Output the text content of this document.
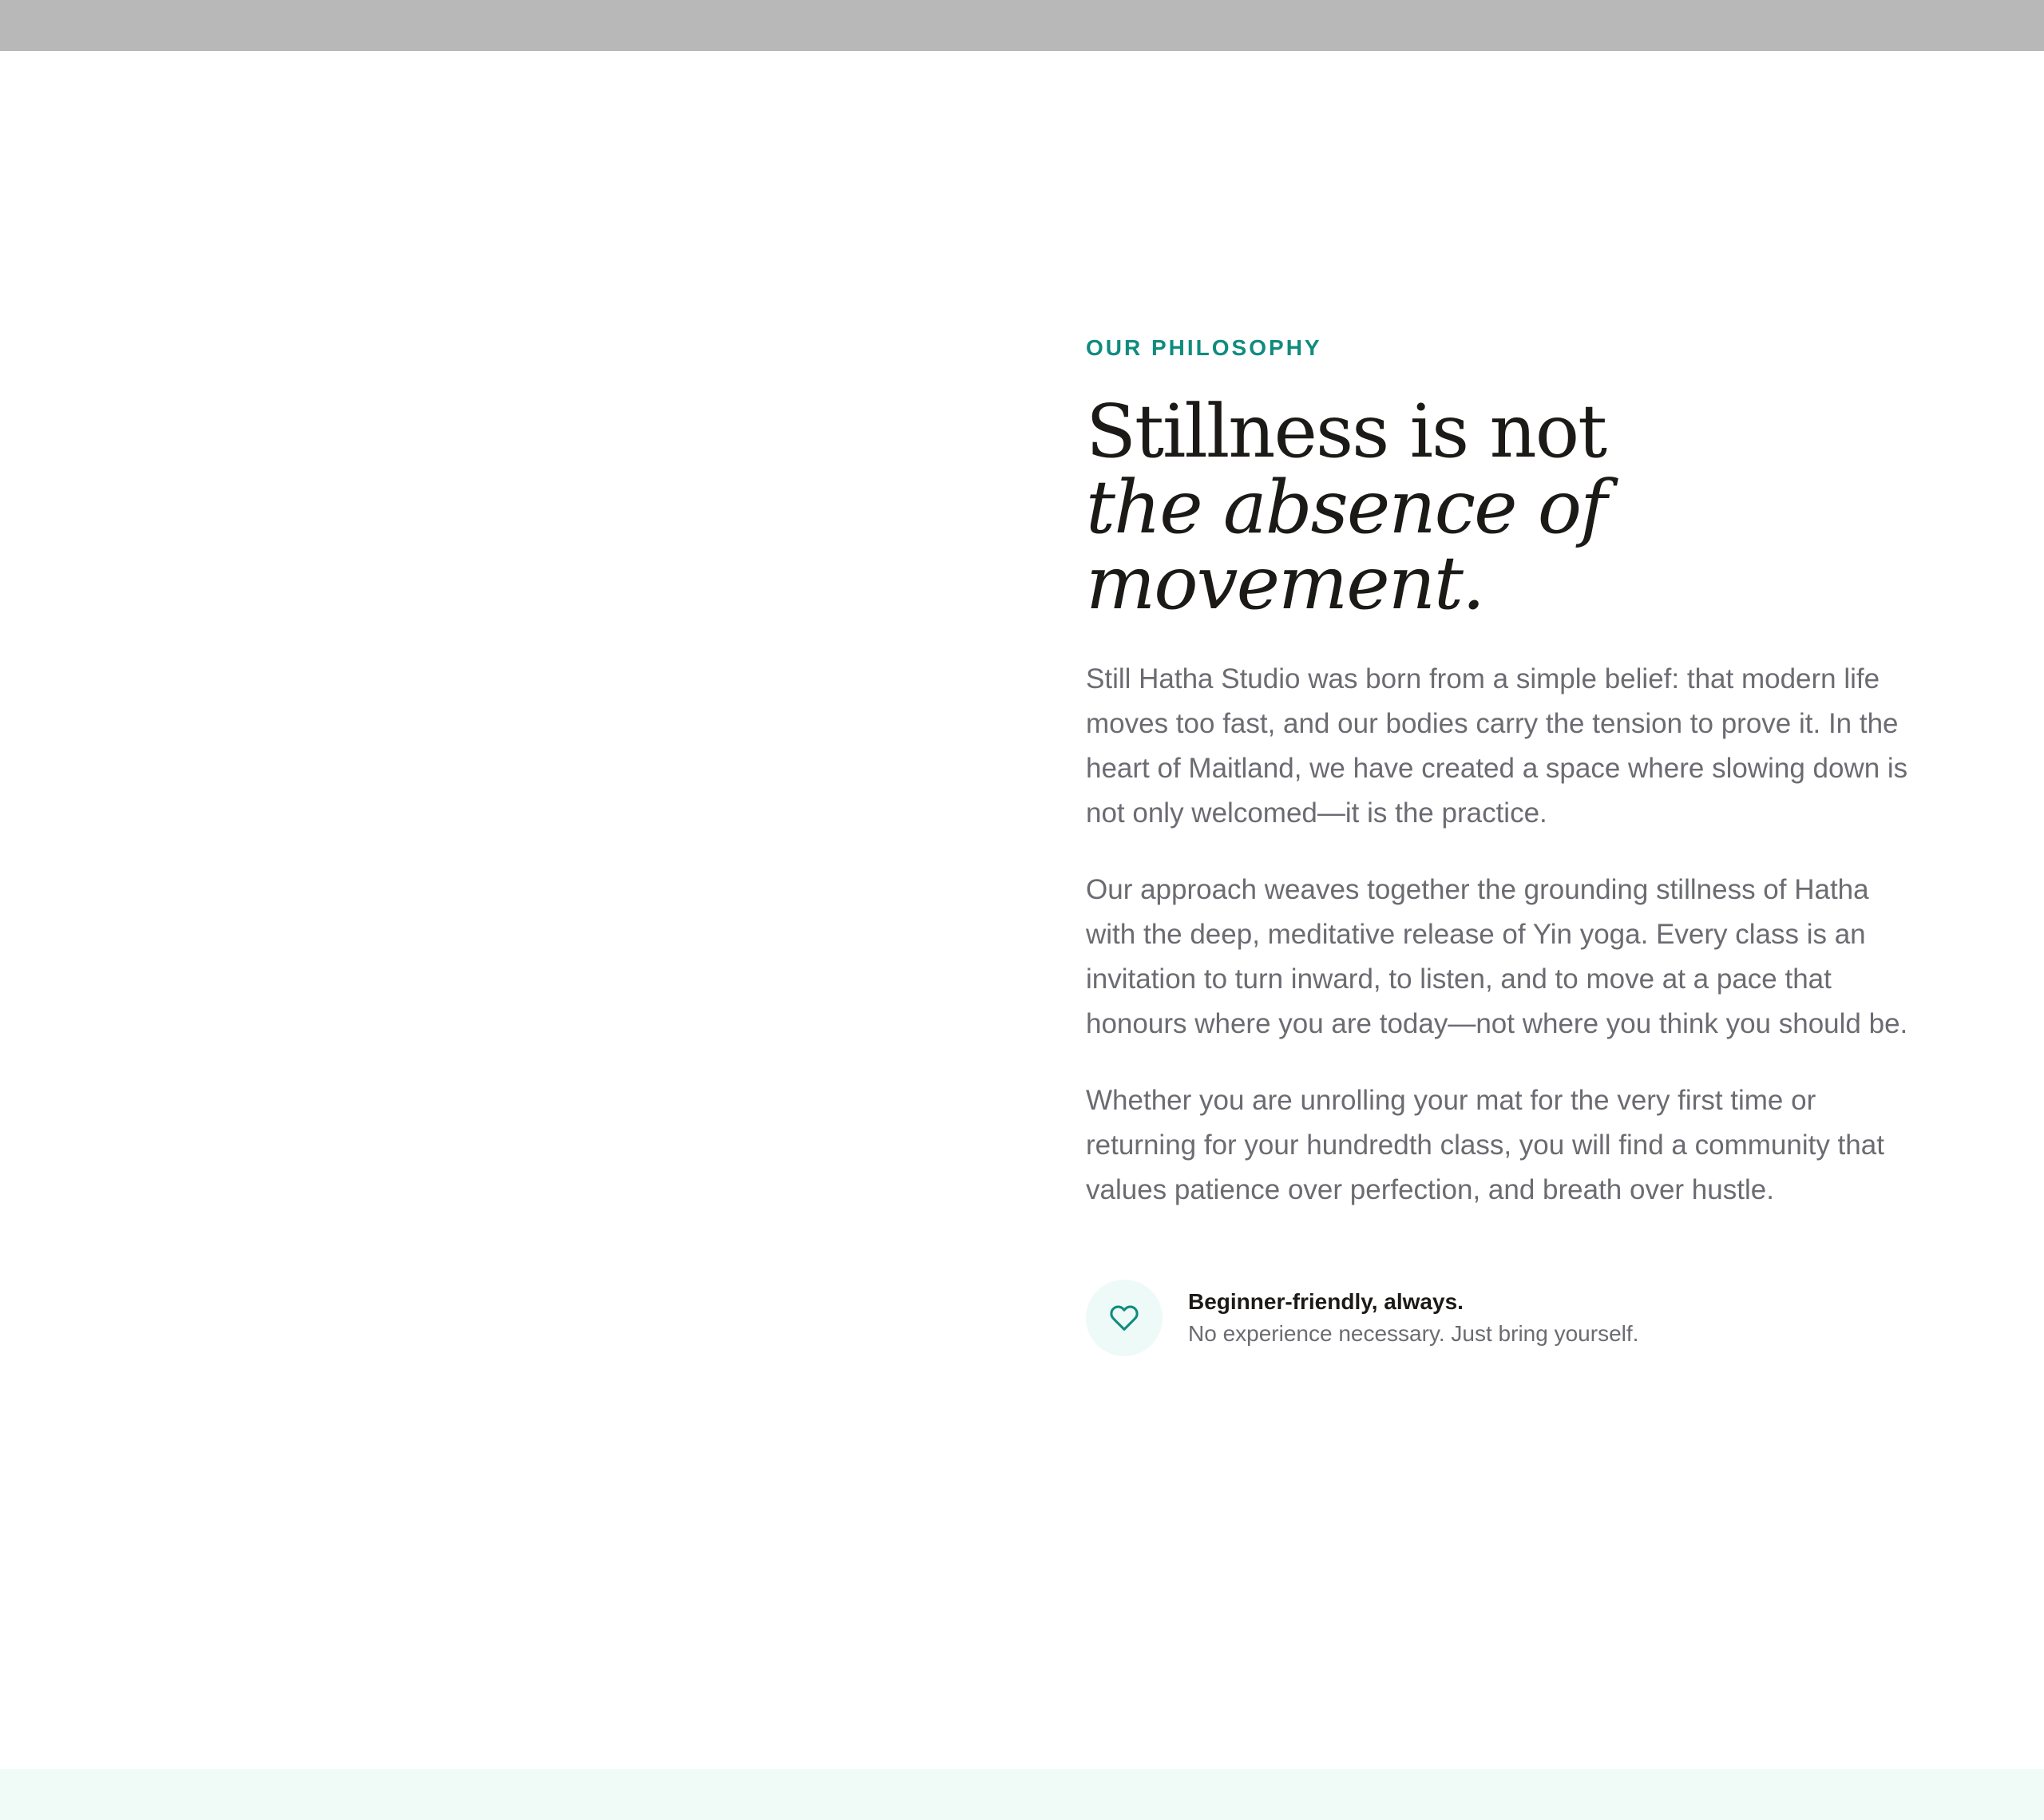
OUR PHILOSOPHY

Stillness is not
the absence of
movement.

Still Hatha Studio was born from a simple belief: that modern life moves too fast, and our bodies carry the tension to prove it. In the heart of Maitland, we have created a space where slowing down is not only welcomed—it is the practice.

Our approach weaves together the grounding stillness of Hatha with the deep, meditative release of Yin yoga. Every class is an invitation to turn inward, to listen, and to move at a pace that honours where you are today—not where you think you should be.

Whether you are unrolling your mat for the very first time or returning for your hundredth class, you will find a community that values patience over perfection, and breath over hustle.

Beginner-friendly, always.
No experience necessary. Just bring yourself.
